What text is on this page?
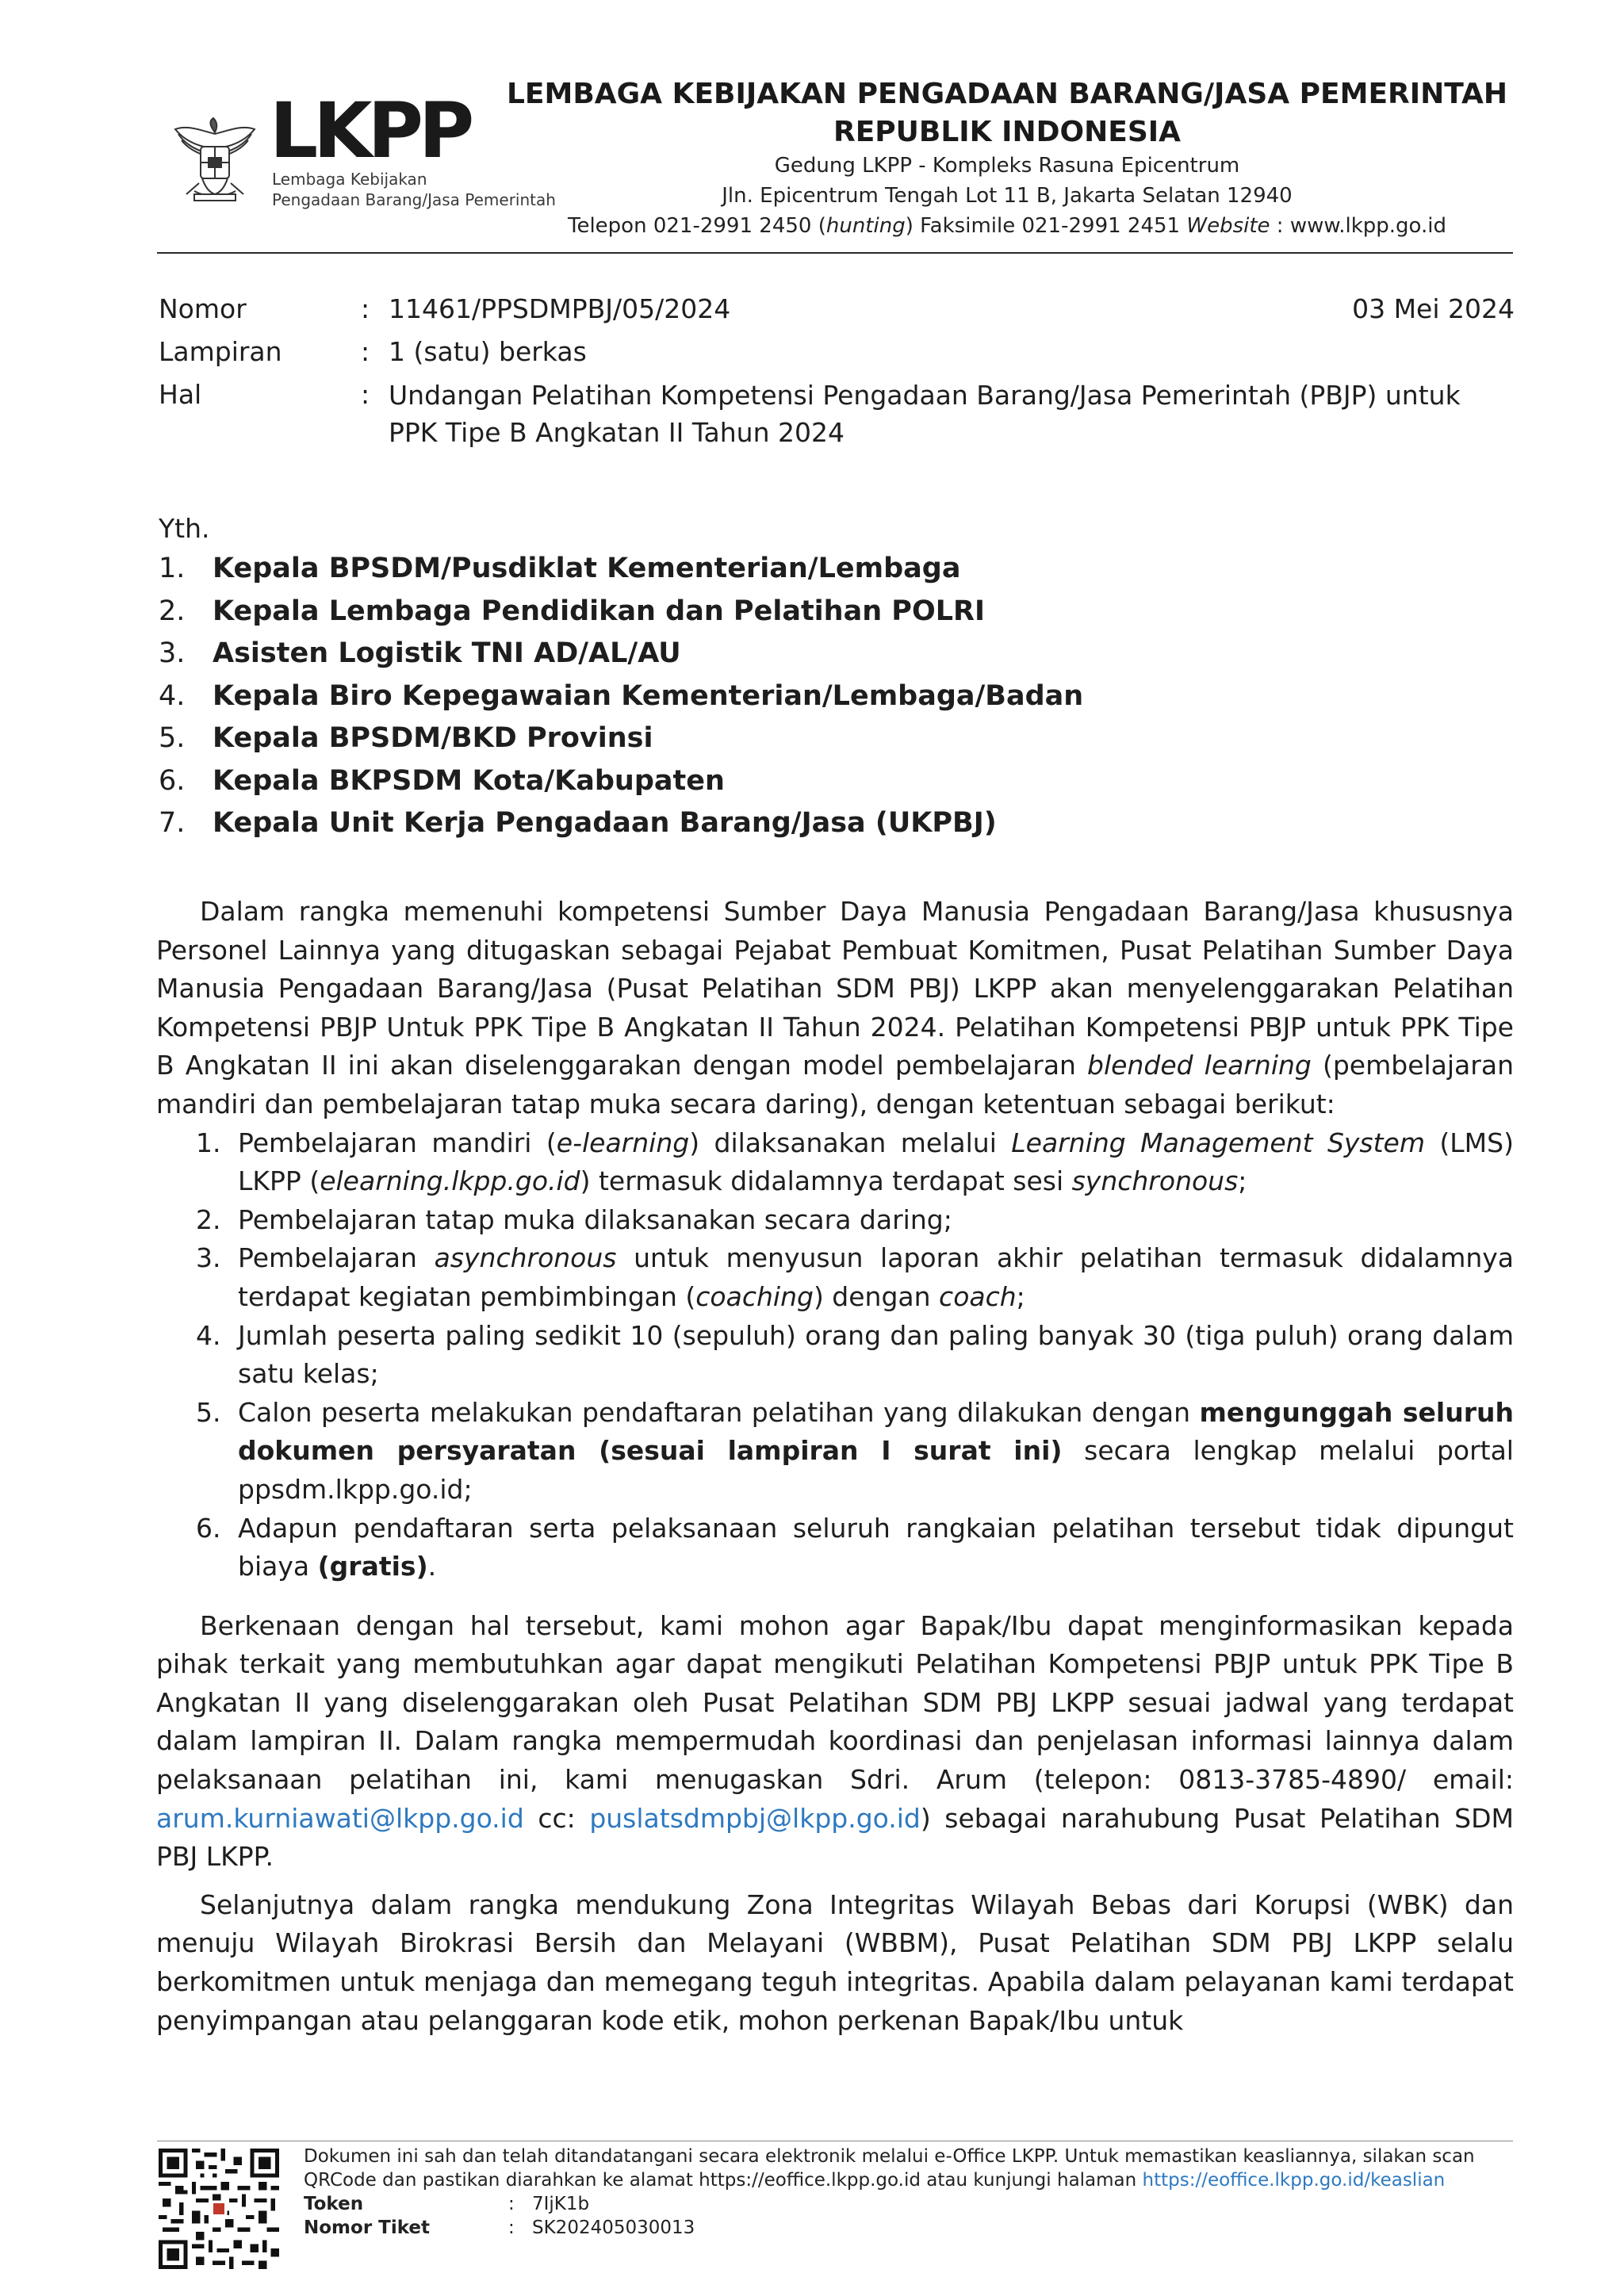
LKPP
Lembaga Kebijakan
Pengadaan Barang/Jasa Pemerintah
LEMBAGA KEBIJAKAN PENGADAAN BARANG/JASA PEMERINTAH
REPUBLIK INDONESIA
Gedung LKPP - Kompleks Rasuna Epicentrum
Jln. Epicentrum Tengah Lot 11 B, Jakarta Selatan 12940
Telepon 021-2991 2450 (hunting) Faksimile 021-2991 2451 Website : www.lkpp.go.id
Nomor	: 11461/PPSDMPBJ/05/2024	03 Mei 2024
Lampiran	: 1 (satu) berkas
Hal	: Undangan Pelatihan Kompetensi Pengadaan Barang/Jasa Pemerintah (PBJP) untuk
PPK Tipe B Angkatan II Tahun 2024
Yth.
1. Kepala BPSDM/Pusdiklat Kementerian/Lembaga
2. Kepala Lembaga Pendidikan dan Pelatihan POLRI
3. Asisten Logistik TNI AD/AL/AU
4. Kepala Biro Kepegawaian Kementerian/Lembaga/Badan
5. Kepala BPSDM/BKD Provinsi
6. Kepala BKPSDM Kota/Kabupaten
7. Kepala Unit Kerja Pengadaan Barang/Jasa (UKPBJ)

Dalam rangka memenuhi kompetensi Sumber Daya Manusia Pengadaan Barang/Jasa khususnya Personel Lainnya yang ditugaskan sebagai Pejabat Pembuat Komitmen, Pusat Pelatihan Sumber Daya Manusia Pengadaan Barang/Jasa (Pusat Pelatihan SDM PBJ) LKPP akan menyelenggarakan Pelatihan Kompetensi PBJP Untuk PPK Tipe B Angkatan II Tahun 2024. Pelatihan Kompetensi PBJP untuk PPK Tipe B Angkatan II ini akan diselenggarakan dengan model pembelajaran blended learning (pembelajaran mandiri dan pembelajaran tatap muka secara daring), dengan ketentuan sebagai berikut:

1. Pembelajaran mandiri (e-learning) dilaksanakan melalui Learning Management System (LMS) LKPP (elearning.lkpp.go.id) termasuk didalamnya terdapat sesi synchronous;
2. Pembelajaran tatap muka dilaksanakan secara daring;
3. Pembelajaran asynchronous untuk menyusun laporan akhir pelatihan termasuk didalamnya terdapat kegiatan pembimbingan (coaching) dengan coach;
4. Jumlah peserta paling sedikit 10 (sepuluh) orang dan paling banyak 30 (tiga puluh) orang dalam satu kelas;
5. Calon peserta melakukan pendaftaran pelatihan yang dilakukan dengan mengunggah seluruh dokumen persyaratan (sesuai lampiran I surat ini) secara lengkap melalui portal ppsdm.lkpp.go.id;
6. Adapun pendaftaran serta pelaksanaan seluruh rangkaian pelatihan tersebut tidak dipungut biaya (gratis).

Berkenaan dengan hal tersebut, kami mohon agar Bapak/Ibu dapat menginformasikan kepada pihak terkait yang membutuhkan agar dapat mengikuti Pelatihan Kompetensi PBJP untuk PPK Tipe B Angkatan II yang diselenggarakan oleh Pusat Pelatihan SDM PBJ LKPP sesuai jadwal yang terdapat dalam lampiran II. Dalam rangka mempermudah koordinasi dan penjelasan informasi lainnya dalam pelaksanaan pelatihan ini, kami menugaskan Sdri. Arum (telepon: 0813-3785-4890/ email: arum.kurniawati@lkpp.go.id cc: puslatsdmpbj@lkpp.go.id) sebagai narahubung Pusat Pelatihan SDM PBJ LKPP.

Selanjutnya dalam rangka mendukung Zona Integritas Wilayah Bebas dari Korupsi (WBK) dan menuju Wilayah Birokrasi Bersih dan Melayani (WBBM), Pusat Pelatihan SDM PBJ LKPP selalu berkomitmen untuk menjaga dan memegang teguh integritas. Apabila dalam pelayanan kami terdapat penyimpangan atau pelanggaran kode etik, mohon perkenan Bapak/Ibu untuk

Dokumen ini sah dan telah ditandatangani secara elektronik melalui e-Office LKPP. Untuk memastikan keasliannya, silakan scan
QRCode dan pastikan diarahkan ke alamat https://eoffice.lkpp.go.id atau kunjungi halaman https://eoffice.lkpp.go.id/keaslian
Token	: 7IjK1b
Nomor Tiket	: SK202405030013
